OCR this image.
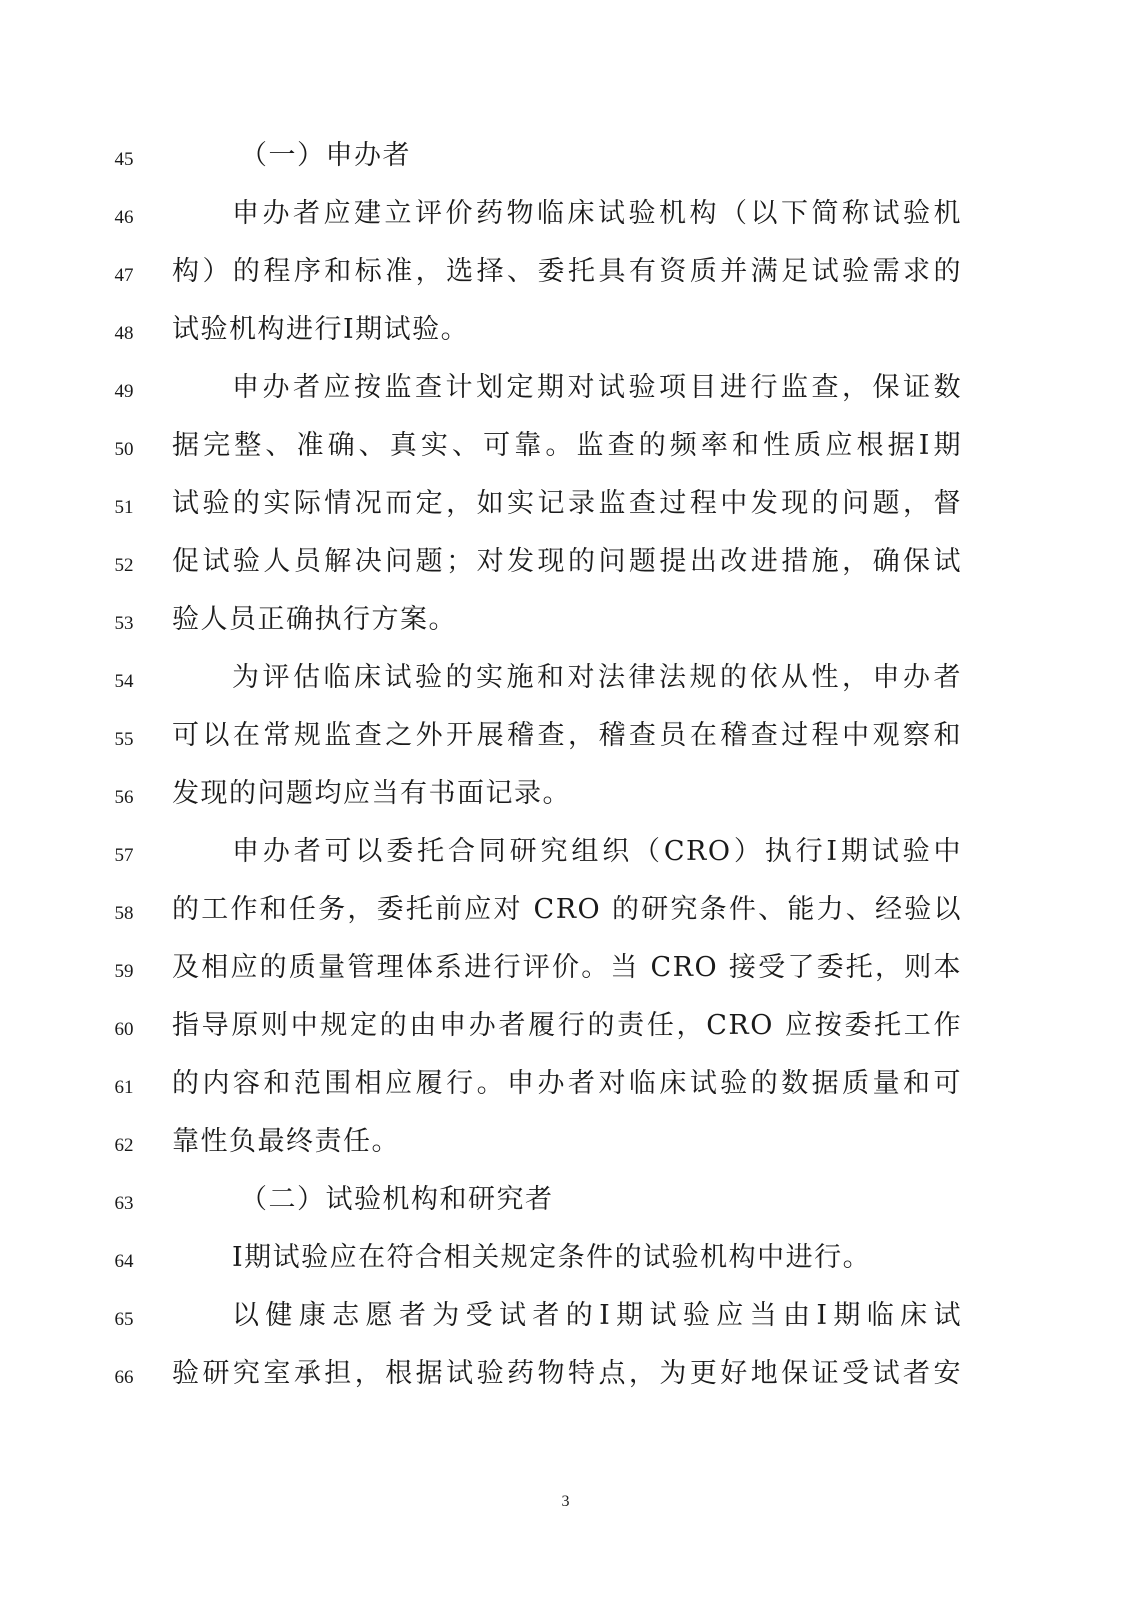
45	（一）申办者
46	申办者应建立评价药物临床试验机构（以下简称试验机
47	构）的程序和标准，选择、委托具有资质并满足试验需求的
48	试验机构进行Ⅰ期试验。
49	申办者应按监查计划定期对试验项目进行监查，保证数
50	据完整、准确、真实、可靠。监查的频率和性质应根据Ⅰ期
51	试验的实际情况而定，如实记录监查过程中发现的问题，督
52	促试验人员解决问题；对发现的问题提出改进措施，确保试
53	验人员正确执行方案。
54	为评估临床试验的实施和对法律法规的依从性，申办者
55	可以在常规监查之外开展稽查，稽查员在稽查过程中观察和
56	发现的问题均应当有书面记录。
57	申办者可以委托合同研究组织（CRO）执行Ⅰ期试验中
58	的工作和任务，委托前应对 CRO 的研究条件、能力、经验以
59	及相应的质量管理体系进行评价。当 CRO 接受了委托，则本
60	指导原则中规定的由申办者履行的责任，CRO 应按委托工作
61	的内容和范围相应履行。申办者对临床试验的数据质量和可
62	靠性负最终责任。
63	（二）试验机构和研究者
64	Ⅰ期试验应在符合相关规定条件的试验机构中进行。
65	以健康志愿者为受试者的Ⅰ期试验应当由Ⅰ期临床试
66	验研究室承担，根据试验药物特点，为更好地保证受试者安
3
